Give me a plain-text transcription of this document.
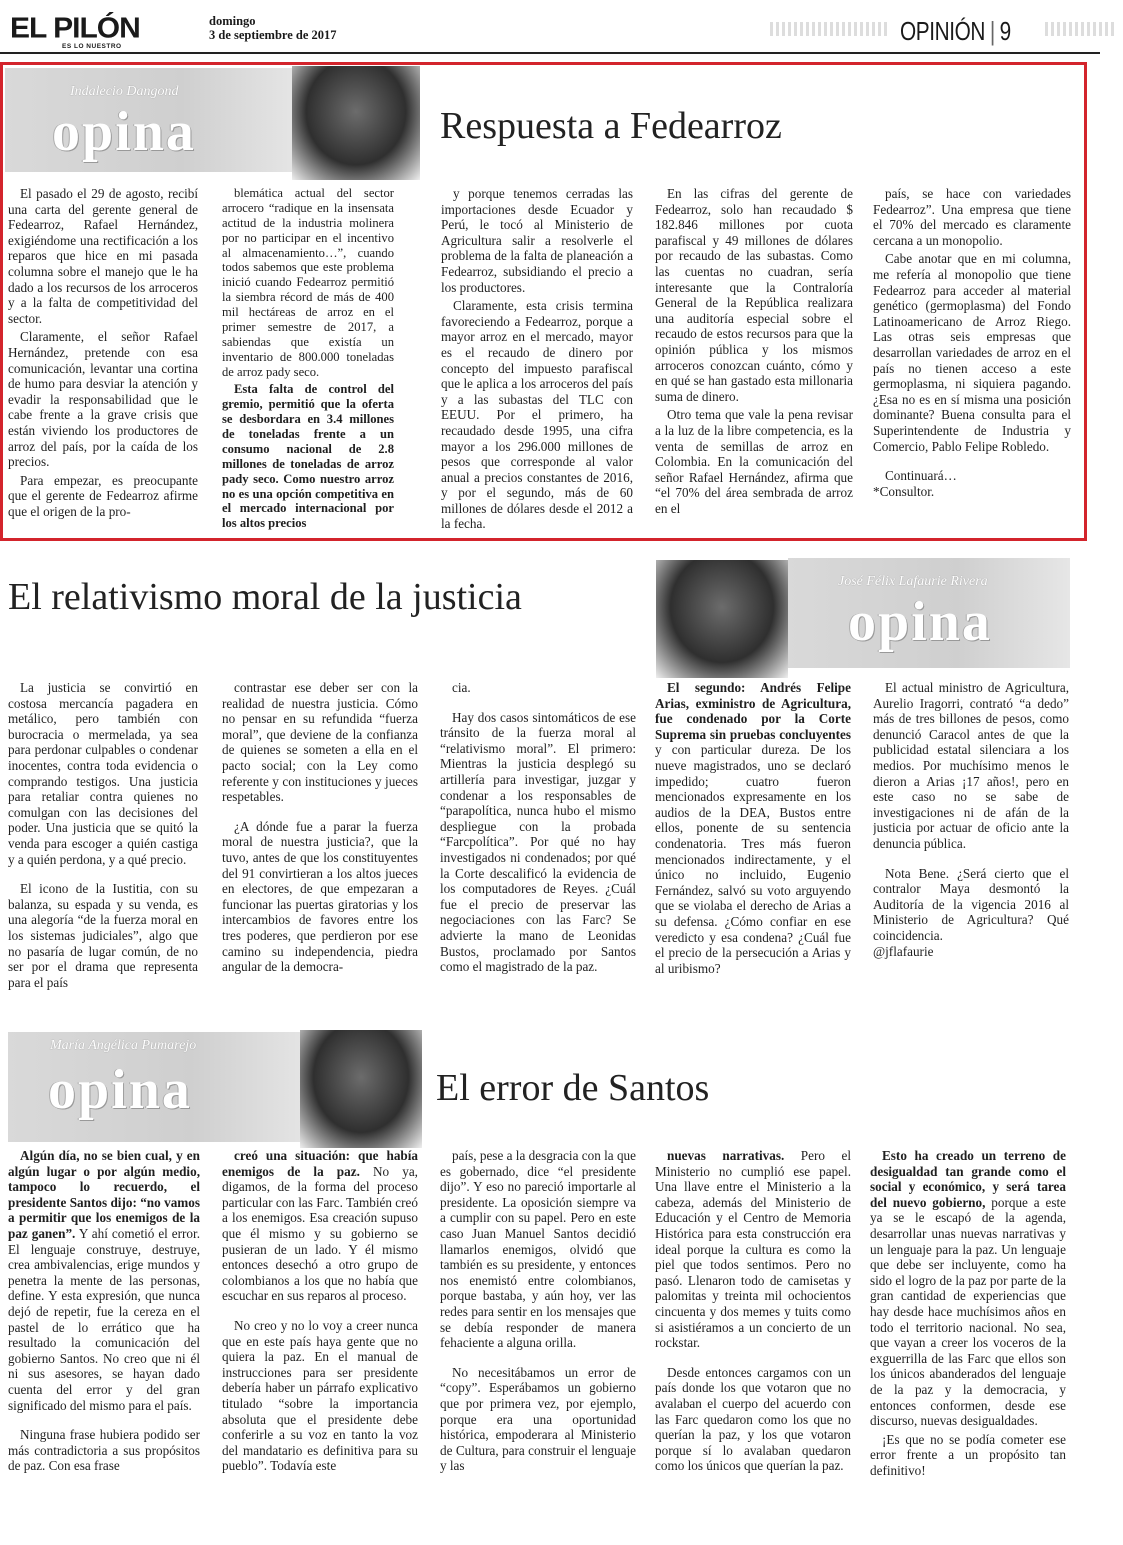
EL PILÓN
ES LO NUESTRO
domingo
3 de septiembre de 2017	OPINIÓN | 9
Indalecio Dangond
opina	Respuesta a Fedearroz

El pasado el 29 de agosto, recibí una carta del gerente general de Fedearroz, Rafael Hernández, exigiéndome una rectificación a los reparos que hice en mi pasada columna sobre el manejo que le ha dado a los recursos de los arroceros y a la falta de competitividad del sector.

Claramente, el señor Rafael Hernández, pretende con esa comunicación, levantar una cortina de humo para desviar la atención y evadir la responsabilidad que le cabe frente a la grave crisis que están viviendo los productores de arroz del país, por la caída de los precios.

Para empezar, es preocupante que el gerente de Fedearroz afirme que el origen de la pro-

blemática actual del sector arrocero “radique en la insensata actitud de la industria molinera por no participar en el incentivo al almacenamiento…”, cuando todos sabemos que este problema inició cuando Fedearroz permitió la siembra récord de más de 400 mil hectáreas de arroz en el primer semestre de 2017, a sabiendas que existía un inventario de 800.000 toneladas de arroz pady seco.

Esta falta de control del gremio, permitió que la oferta se desbordara en 3.4 millones de toneladas frente a un consumo nacional de 2.8 millones de toneladas de arroz pady seco. Como nuestro arroz no es una opción competitiva en el mercado internacional por los altos precios

y porque tenemos cerradas las importaciones desde Ecuador y Perú, le tocó al Ministerio de Agricultura salir a resolverle el problema de la falta de planeación a Fedearroz, subsidiando el precio a los productores.

Claramente, esta crisis termina favoreciendo a Fedearroz, porque a mayor arroz en el mercado, mayor es el recaudo de dinero por concepto del impuesto parafiscal que le aplica a los arroceros del país y a las subastas del TLC con EEUU. Por el primero, ha recaudado desde 1995, una cifra mayor a los 296.000 millones de pesos que corresponde al valor anual a precios constantes de 2016, y por el segundo, más de 60 millones de dólares desde el 2012 a la fecha.

En las cifras del gerente de Fedearroz, solo han recaudado $ 182.846 millones por cuota parafiscal y 49 millones de dólares por recaudo de las subastas. Como las cuentas no cuadran, sería interesante que la Contraloría General de la República realizara una auditoría especial sobre el recaudo de estos recursos para que la opinión pública y los mismos arroceros conozcan cuánto, cómo y en qué se han gastado esta millonaria suma de dinero.

Otro tema que vale la pena revisar a la luz de la libre competencia, es la venta de semillas de arroz en Colombia. En la comunicación del señor Rafael Hernández, afirma que “el 70% del área sembrada de arroz en el

país, se hace con variedades Fedearroz”. Una empresa que tiene el 70% del mercado es claramente cercana a un monopolio.

Cabe anotar que en mi columna, me refería al monopolio que tiene Fedearroz para acceder al material genético (germoplasma) del Fondo Latinoamericano de Arroz Riego. Las otras seis empresas que desarrollan variedades de arroz en el país no tienen acceso a este germoplasma, ni siquiera pagando. ¿Esa no es en sí misma una posición dominante? Buena consulta para el Superintendente de Industria y Comercio, Pablo Felipe Robledo.

Continuará…
*Consultor.

El relativismo moral de la justicia	José Félix Lafaurie Rivera
opina

La justicia se convirtió en costosa mercancía pagadera en metálico, pero también con burocracia o mermelada, ya sea para perdonar culpables o condenar inocentes, contra toda evidencia o comprando testigos. Una justicia para retaliar contra quienes no comulgan con las decisiones del poder. Una justicia que se quitó la venda para escoger a quién castiga y a quién perdona, y a qué precio.

El icono de la Iustitia, con su balanza, su espada y su venda, es una alegoría “de la fuerza moral en los sistemas judiciales”, algo que no pasaría de lugar común, de no ser por el drama que representa para el país

contrastar ese deber ser con la realidad de nuestra justicia. Cómo no pensar en su refundida “fuerza moral”, que deviene de la confianza de quienes se someten a ella en el pacto social; con la Ley como referente y con instituciones y jueces respetables.

¿A dónde fue a parar la fuerza moral de nuestra justicia?, que la tuvo, antes de que los constituyentes del 91 convirtieran a los altos jueces en electores, de que empezaran a funcionar las puertas giratorias y los intercambios de favores entre los tres poderes, que perdieron por ese camino su independencia, piedra angular de la democra-

cia.

Hay dos casos sintomáticos de ese tránsito de la fuerza moral al “relativismo moral”. El primero: Mientras la justicia desplegó su artillería para investigar, juzgar y condenar a los responsables de “parapolítica, nunca hubo el mismo despliegue con la probada “Farcpolítica”. Por qué no hay investigados ni condenados; por qué la Corte descalificó la evidencia de los computadores de Reyes. ¿Cuál fue el precio de preservar las negociaciones con las Farc? Se advierte la mano de Leonidas Bustos, proclamado por Santos como el magistrado de la paz.

El segundo: Andrés Felipe Arias, exministro de Agricultura, fue condenado por la Corte Suprema sin pruebas concluyentes y con particular dureza. De los nueve magistrados, uno se declaró impedido; cuatro fueron mencionados expresamente en los audios de la DEA, Bustos entre ellos, ponente de su sentencia condenatoria. Tres más fueron mencionados indirectamente, y el único no incluido, Eugenio Fernández, salvó su voto arguyendo que se violaba el derecho de Arias a su defensa. ¿Cómo confiar en ese veredicto y esa condena? ¿Cuál fue el precio de la persecución a Arias y al uribismo?

El actual ministro de Agricultura, Aurelio Iragorri, contrató “a dedo” más de tres billones de pesos, como denunció Caracol antes de que la publicidad estatal silenciara a los medios. Por muchísimo menos le dieron a Arias ¡17 años!, pero en este caso no se sabe de investigaciones ni de afán de la justicia por actuar de oficio ante la denuncia pública.

Nota Bene. ¿Será cierto que el contralor Maya desmontó la Auditoría de la vigencia 2016 al Ministerio de Agricultura? Qué coincidencia.
@jflafaurie

María Angélica Pumarejo
opina	El error de Santos

Algún día, no se bien cual, y en algún lugar o por algún medio, tampoco lo recuerdo, el presidente Santos dijo: “no vamos a permitir que los enemigos de la paz ganen”. Y ahí cometió el error. El lenguaje construye, destruye, crea ambivalencias, erige mundos y penetra la mente de las personas, define. Y esta expresión, que nunca dejó de repetir, fue la cereza en el pastel de lo errático que ha resultado la comunicación del gobierno Santos. No creo que ni él ni sus asesores, se hayan dado cuenta del error y del gran significado del mismo para el país.

Ninguna frase hubiera podido ser más contradictoria a sus propósitos de paz. Con esa frase

creó una situación: que había enemigos de la paz. No ya, digamos, de la forma del proceso particular con las Farc. También creó a los enemigos. Esa creación supuso que él mismo y su gobierno se pusieran de un lado. Y él mismo entonces desechó a otro grupo de colombianos a los que no había que escuchar en sus reparos al proceso.

No creo y no lo voy a creer nunca que en este país haya gente que no quiera la paz. En el manual de instrucciones para ser presidente debería haber un párrafo explicativo titulado “sobre la importancia absoluta que el presidente debe conferirle a su voz en tanto la voz del mandatario es definitiva para su pueblo”. Todavía este

país, pese a la desgracia con la que es gobernado, dice “el presidente dijo”. Y eso no pareció importarle al presidente. La oposición siempre va a cumplir con su papel. Pero en este caso Juan Manuel Santos decidió llamarlos enemigos, olvidó que también es su presidente, y entonces nos enemistó entre colombianos, porque bastaba, y aún hoy, ver las redes para sentir en los mensajes que se debía responder de manera fehaciente a alguna orilla.

No necesitábamos un error de “copy”. Esperábamos un gobierno que por primera vez, por ejemplo, porque era una oportunidad histórica, empoderara al Ministerio de Cultura, para construir el lenguaje y las

nuevas narrativas. Pero el Ministerio no cumplió ese papel. Una llave entre el Ministerio a la cabeza, además del Ministerio de Educación y el Centro de Memoria Histórica para esta construcción era ideal porque la cultura es como la piel que todos sentimos. Pero no pasó. Llenaron todo de camisetas y palomitas y treinta mil ochocientos cincuenta y dos memes y tuits como si asistiéramos a un concierto de un rockstar.

Desde entonces cargamos con un país donde los que votaron que no avalaban el cuerpo del acuerdo con las Farc quedaron como los que no querían la paz, y los que votaron porque sí lo avalaban quedaron como los únicos que querían la paz.

Esto ha creado un terreno de desigualdad tan grande como el social y económico, y será tarea del nuevo gobierno, porque a este ya se le escapó de la agenda, desarrollar unas nuevas narrativas y un lenguaje para la paz. Un lenguaje que debe ser incluyente, como ha sido el logro de la paz por parte de la gran cantidad de experiencias que hay desde hace muchísimos años en todo el territorio nacional. No sea, que vayan a creer los voceros de la exguerrilla de las Farc que ellos son los únicos abanderados del lenguaje de la paz y la democracia, y entonces conformen, desde ese discurso, nuevas desigualdades.

¡Es que no se podía cometer ese error frente a un propósito tan definitivo!
